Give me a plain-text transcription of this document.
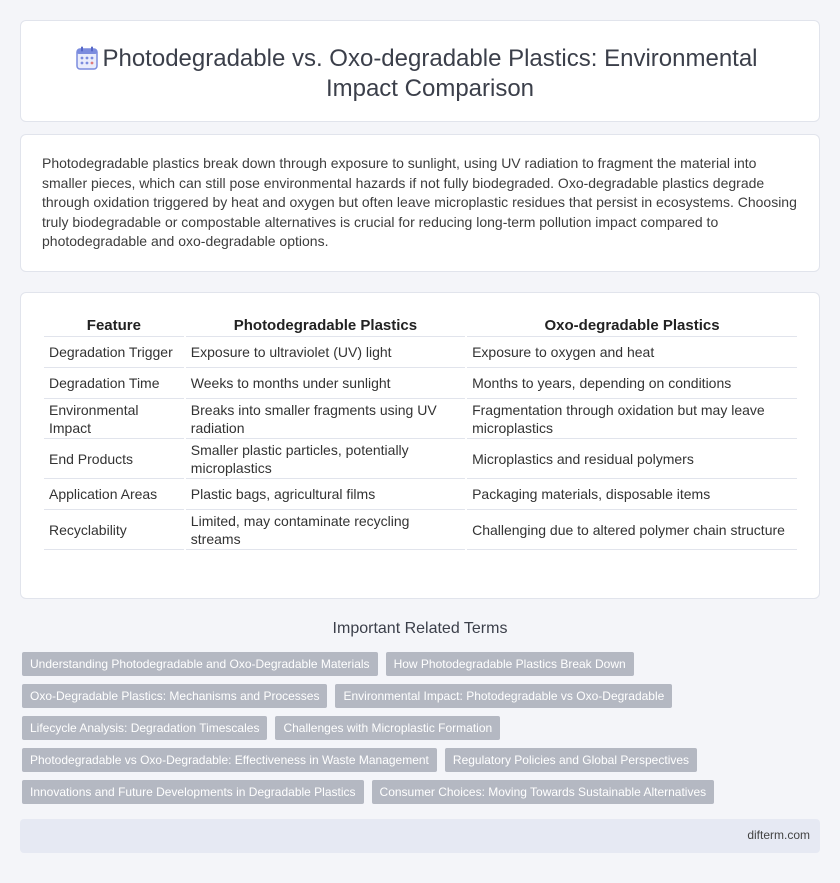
Photodegradable vs. Oxo-degradable Plastics: Environmental Impact Comparison

Photodegradable plastics break down through exposure to sunlight, using UV radiation to fragment the material into smaller pieces, which can still pose environmental hazards if not fully biodegraded. Oxo-degradable plastics degrade through oxidation triggered by heat and oxygen but often leave microplastic residues that persist in ecosystems. Choosing truly biodegradable or compostable alternatives is crucial for reducing long-term pollution impact compared to photodegradable and oxo-degradable options.

Feature	Photodegradable Plastics	Oxo-degradable Plastics
Degradation Trigger	Exposure to ultraviolet (UV) light	Exposure to oxygen and heat
Degradation Time	Weeks to months under sunlight	Months to years, depending on conditions
Environmental Impact	Breaks into smaller fragments using UV radiation	Fragmentation through oxidation but may leave microplastics
End Products	Smaller plastic particles, potentially microplastics	Microplastics and residual polymers
Application Areas	Plastic bags, agricultural films	Packaging materials, disposable items
Recyclability	Limited, may contaminate recycling streams	Challenging due to altered polymer chain structure
Important Related Terms
Understanding Photodegradable and Oxo-Degradable Materials	How Photodegradable Plastics Break Down
Oxo-Degradable Plastics: Mechanisms and Processes	Environmental Impact: Photodegradable vs Oxo-Degradable
Lifecycle Analysis: Degradation Timescales	Challenges with Microplastic Formation
Photodegradable vs Oxo-Degradable: Effectiveness in Waste Management	Regulatory Policies and Global Perspectives
Innovations and Future Developments in Degradable Plastics	Consumer Choices: Moving Towards Sustainable Alternatives
difterm.com
